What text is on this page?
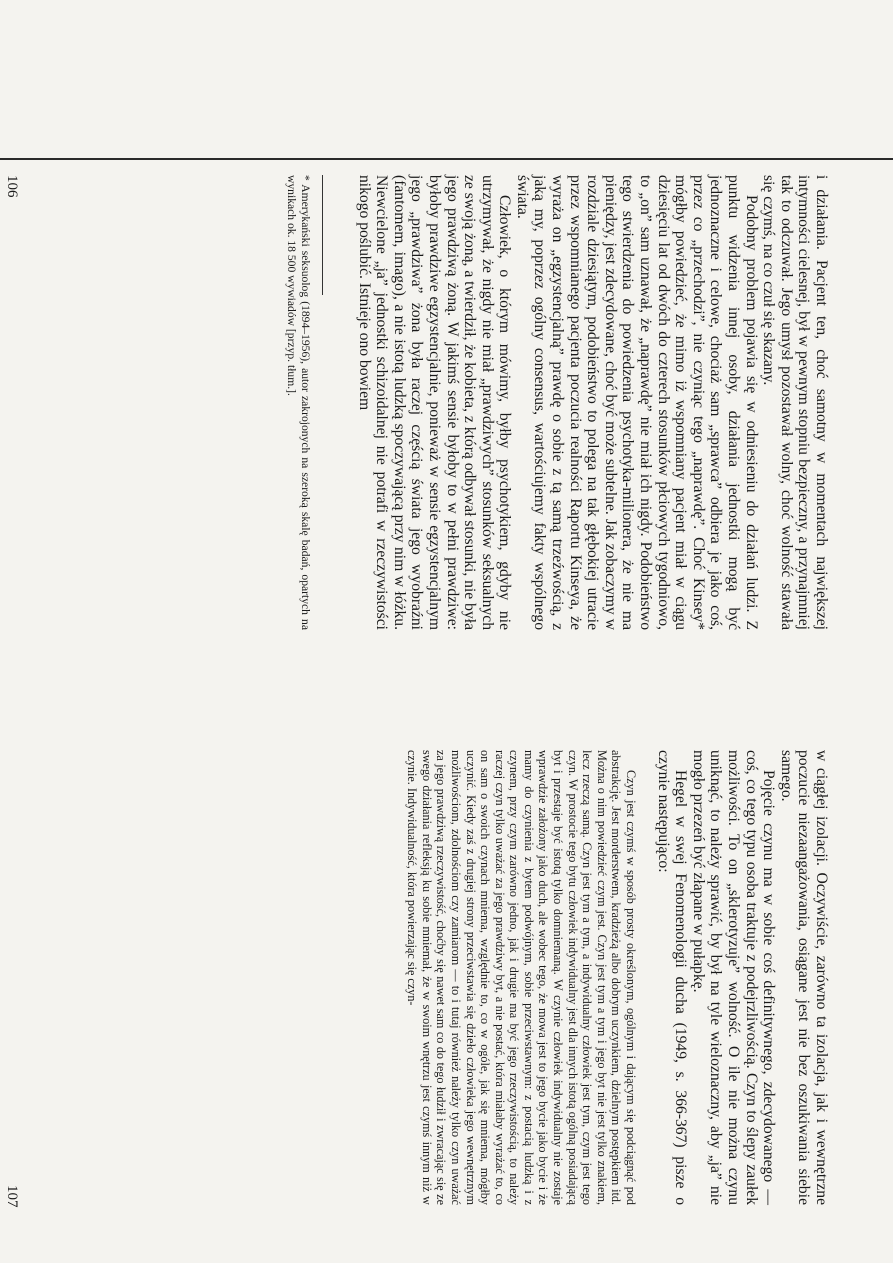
i działania. Pacjent ten, choć samotny w momentach największej intymności cielesnej, był w pewnym stopniu bezpieczny, a przynajmniej tak to odczuwał. Jego umysł pozostawał wolny, choć wolność stawała się czymś, na co czuł się skazany.

Podobny problem pojawia się w odniesieniu do działań ludzi. Z punktu widzenia innej osoby, działania jednostki mogą być jednoznaczne i celowe, chociaż sam „sprawca” odbiera je jako coś, przez co „przechodzi”, nie czyniąc tego „naprawdę”. Choć Kinsey* mógłby powiedzieć, że mimo iż wspomniany pacjent miał w ciągu dziesięciu lat od dwóch do czterech stosunków płciowych tygodniowo, to „on” sam uznawał, że „naprawdę” nie miał ich nigdy. Podobieństwo tego stwierdzenia do powiedzenia psychotyka-milionera, że nie ma pieniędzy, jest zdecydowane, choć być może subtelne. Jak zobaczymy w rozdziale dziesiątym, podobieństwo to polega na tak głębokiej utracie przez wspomnianego pacjenta poczucia realności Raportu Kinseya, że wyraża on „egzystencjalną” prawdę o sobie z tą samą trzeźwością, z jaką my, poprzez ogólny consensus, wartościujemy fakty wspólnego świata.

Człowiek, o którym mówimy, byłby psychotykiem, gdyby nie utrzymywał, że nigdy nie miał „prawdziwych” stosunków seksualnych ze swoją żoną, a twierdził, że kobieta, z którą odbywał stosunki, nie była jego prawdziwą żoną. W jakimś sensie byłoby to w pełni prawdziwe: byłoby prawdziwe egzystencjalnie, ponieważ w sensie egzystencjalnym jego „prawdziwa” żona była raczej częścią świata jego wyobraźni (fantomem, imago), a nie istotą ludzką spoczywającą przy nim w łóżku. Niewcielone „ja” jednostki schizoidalnej nie potrafi w rzeczywistości nikogo poślubić. Istnieje ono bowiem

* Amerykański seksuolog (1894–1956), autor zakrojonych na szeroką skalę badań, opartych na wynikach ok. 18 500 wywiadów [przyp. tłum.].

w ciągłej izolacji. Oczywiście, zarówno ta izolacja, jak i wewnętrzne poczucie niezaangażowania, osiągane jest nie bez oszukiwania siebie samego.

Pojęcie czynu ma w sobie coś definitywnego, zdecydowanego — coś, co tego typu osoba traktuje z podejrzliwością. Czyn to ślepy zaułek możliwości. To on „sklerotyzuje” wolność. O ile nie można czynu uniknąć, to należy sprawić, by był na tyle wieloznaczny, aby „ja” nie mogło przezeń być złapane w pułapkę.

Hegel w swej Fenomenologii ducha (1949, s. 366-367) pisze o czynie następująco:

Czyn jest czymś w sposób prosty określonym, ogólnym i dającym się podciągnąć pod abstrakcję. Jest morderstwem, kradzieżą albo dobrym uczynkiem, dzielnym postępkiem itd. Można o nim powiedzieć czym jest. Czyn jest tym a tym i jego byt nie jest tylko znakiem, lecz rzeczą samą. Czyn jest tym a tym, a indywidualny człowiek jest tym, czym jest tego czyn. W prostocie tego bytu człowiek indywidualny jest dla innych istotą ogólną posiadającą byt i przestaje być istotą tylko domniemaną. W czynie człowiek indywidualny nie zostaje wprawdzie założony jako duch, ale wobec tego, że mowa jest to jego bycie jako bycie i że mamy do czynienia z bytem podwójnym, sobie przeciwstawnym: z postacią ludzką i z czynem, przy czym zarówno jedno, jak i drugie ma być jego rzeczywistością, to należy raczej czyn tylko uważać za jego prawdziwy byt, a nie postać, która miałaby wyrażać to, co on sam o swoich czynach mniema, względnie to, co w ogóle, jak się mniema, mógłby uczynić. Kiedy zaś z drugiej strony przeciwstawia się dzieło człowieka jego wewnętrznym możliwościom, zdolnościom czy zamiarom — to i tutaj również należy tylko czyn uważać za jego prawdziwą rzeczywistość, choćby się nawet sam co do tego łudził i zwracając się ze swego działania refleksją ku sobie mniemał, że w swoim wnętrzu jest czymś innym niż w czynie. Indywidualność, która powierzając się czyn-

106
107
